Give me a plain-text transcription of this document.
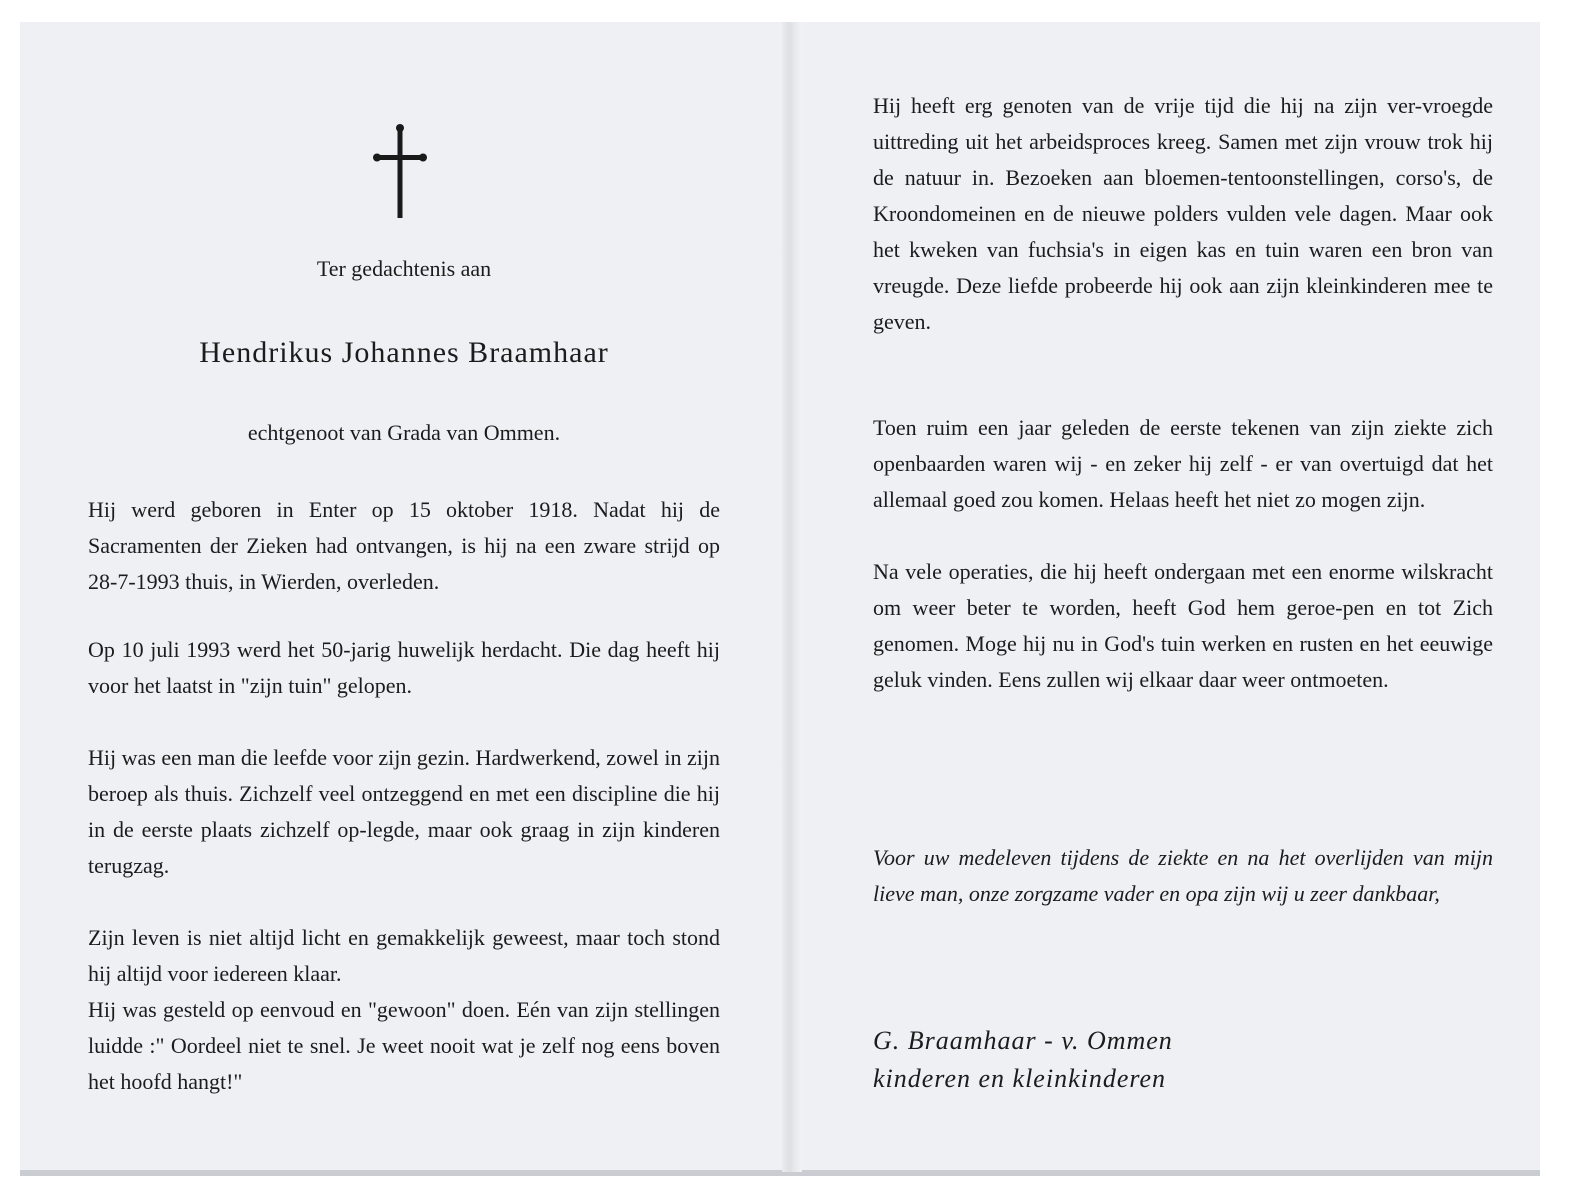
Ter gedachtenis aan
Hendrikus Johannes Braamhaar
echtgenoot van Grada van Ommen.

Hij werd geboren in Enter op 15 oktober 1918. Nadat hij de Sacramenten der Zieken had ontvangen, is hij na een zware strijd op 28-7-1993 thuis, in Wierden, overleden.

Op 10 juli 1993 werd het 50-jarig huwelijk herdacht. Die dag heeft hij voor het laatst in "zijn tuin" gelopen.

Hij was een man die leefde voor zijn gezin. Hardwerkend, zowel in zijn beroep als thuis. Zichzelf veel ontzeggend en met een discipline die hij in de eerste plaats zichzelf op-legde, maar ook graag in zijn kinderen terugzag.

Zijn leven is niet altijd licht en gemakkelijk geweest, maar toch stond hij altijd voor iedereen klaar.

Hij was gesteld op eenvoud en "gewoon" doen. Eén van zijn stellingen luidde :" Oordeel niet te snel. Je weet nooit wat je zelf nog eens boven het hoofd hangt!"

Hij heeft erg genoten van de vrije tijd die hij na zijn ver-vroegde uittreding uit het arbeidsproces kreeg. Samen met zijn vrouw trok hij de natuur in. Bezoeken aan bloemen-tentoonstellingen, corso's, de Kroondomeinen en de nieuwe polders vulden vele dagen. Maar ook het kweken van fuchsia's in eigen kas en tuin waren een bron van vreugde. Deze liefde probeerde hij ook aan zijn kleinkinderen mee te geven.

Toen ruim een jaar geleden de eerste tekenen van zijn ziekte zich openbaarden waren wij - en zeker hij zelf - er van overtuigd dat het allemaal goed zou komen. Helaas heeft het niet zo mogen zijn.

Na vele operaties, die hij heeft ondergaan met een enorme wilskracht om weer beter te worden, heeft God hem geroe-pen en tot Zich genomen. Moge hij nu in God's tuin werken en rusten en het eeuwige geluk vinden. Eens zullen wij elkaar daar weer ontmoeten.

Voor uw medeleven tijdens de ziekte en na het overlijden van mijn lieve man, onze zorgzame vader en opa zijn wij u zeer dankbaar,

G. Braamhaar - v. Ommen
kinderen en kleinkinderen
